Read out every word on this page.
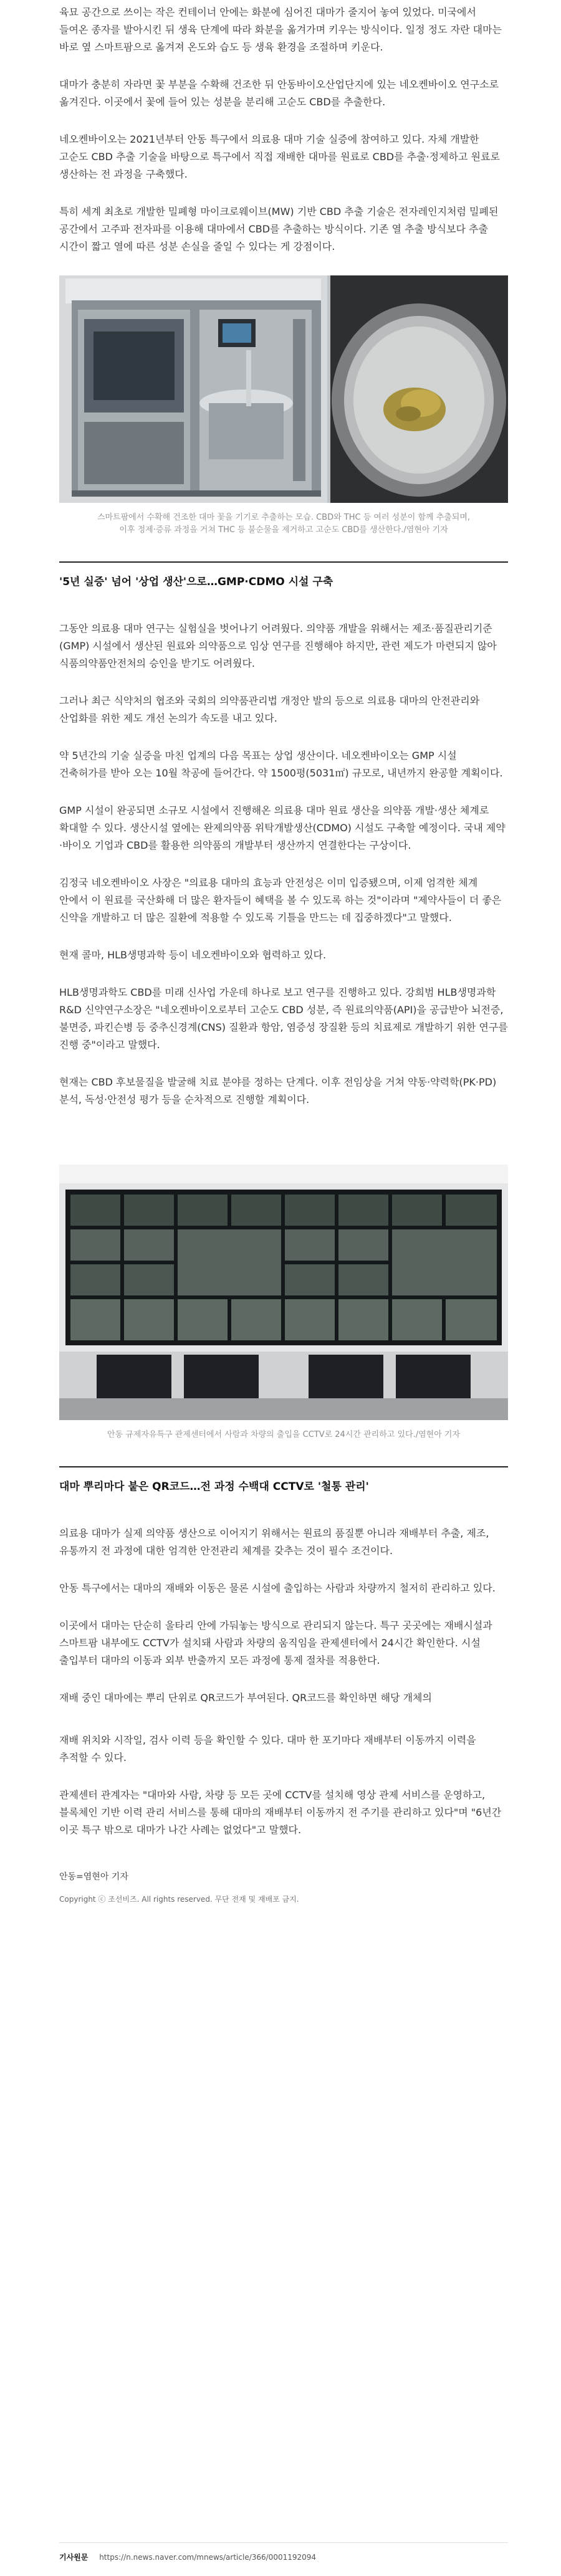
육묘 공간으로 쓰이는 작은 컨테이너 안에는 화분에 심어진 대마가 줄지어 놓여 있었다. 미국에서 들여온 종자를 발아시킨 뒤 생육 단계에 따라 화분을 옮겨가며 키우는 방식이다. 일정 정도 자란 대마는 바로 옆 스마트팜으로 옮겨져 온도와 습도 등 생육 환경을 조절하며 키운다.

대마가 충분히 자라면 꽃 부분을 수확해 건조한 뒤 안동바이오산업단지에 있는 네오켄바이오 연구소로 옮겨진다. 이곳에서 꽃에 들어 있는 성분을 분리해 고순도 CBD를 추출한다.

네오켄바이오는 2021년부터 안동 특구에서 의료용 대마 기술 실증에 참여하고 있다. 자체 개발한 고순도 CBD 추출 기술을 바탕으로 특구에서 직접 재배한 대마를 원료로 CBD를 추출·정제하고 원료로 생산하는 전 과정을 구축했다.

특히 세계 최초로 개발한 밀폐형 마이크로웨이브(MW) 기반 CBD 추출 기술은 전자레인지처럼 밀폐된 공간에서 고주파 전자파를 이용해 대마에서 CBD를 추출하는 방식이다. 기존 열 추출 방식보다 추출 시간이 짧고 열에 따른 성분 손실을 줄일 수 있다는 게 강점이다.

스마트팜에서 수확해 건조한 대마 꽃을 기기로 추출하는 모습. CBD와 THC 등 여러 성분이 함께 추출되며, 이후 정제·증류 과정을 거쳐 THC 등 불순물을 제거하고 고순도 CBD를 생산한다./염현아 기자
'5년 실증' 넘어 '상업 생산'으로…GMP·CDMO 시설 구축

그동안 의료용 대마 연구는 실험실을 벗어나기 어려웠다. 의약품 개발을 위해서는 제조·품질관리기준(GMP) 시설에서 생산된 원료와 의약품으로 임상 연구를 진행해야 하지만, 관련 제도가 마련되지 않아 식품의약품안전처의 승인을 받기도 어려웠다.

그러나 최근 식약처의 협조와 국회의 의약품관리법 개정안 발의 등으로 의료용 대마의 안전관리와 산업화를 위한 제도 개선 논의가 속도를 내고 있다.

약 5년간의 기술 실증을 마친 업계의 다음 목표는 상업 생산이다. 네오켄바이오는 GMP 시설 건축허가를 받아 오는 10월 착공에 들어간다. 약 1500평(5031㎡) 규모로, 내년까지 완공할 계획이다.

GMP 시설이 완공되면 소규모 시설에서 진행해온 의료용 대마 원료 생산을 의약품 개발·생산 체계로 확대할 수 있다. 생산시설 옆에는 완제의약품 위탁개발생산(CDMO) 시설도 구축할 예정이다. 국내 제약·바이오 기업과 CBD를 활용한 의약품의 개발부터 생산까지 연결한다는 구상이다.

김정국 네오켄바이오 사장은 "의료용 대마의 효능과 안전성은 이미 입증됐으며, 이제 엄격한 체계 안에서 이 원료를 국산화해 더 많은 환자들이 혜택을 볼 수 있도록 하는 것"이라며 "제약사들이 더 좋은 신약을 개발하고 더 많은 질환에 적용할 수 있도록 기틀을 만드는 데 집중하겠다"고 말했다.

현재 콜마, HLB생명과학 등이 네오켄바이오와 협력하고 있다.

HLB생명과학도 CBD를 미래 신사업 가운데 하나로 보고 연구를 진행하고 있다. 강희범 HLB생명과학 R&D 신약연구소장은 "네오켄바이오로부터 고순도 CBD 성분, 즉 원료의약품(API)을 공급받아 뇌전증, 불면증, 파킨슨병 등 중추신경계(CNS) 질환과 항암, 염증성 장질환 등의 치료제로 개발하기 위한 연구를 진행 중"이라고 말했다.

현재는 CBD 후보물질을 발굴해 치료 분야를 정하는 단계다. 이후 전임상을 거쳐 약동·약력학(PK·PD) 분석, 독성·안전성 평가 등을 순차적으로 진행할 계획이다.

안동 규제자유특구 관제센터에서 사람과 차량의 출입을 CCTV로 24시간 관리하고 있다./염현아 기자
대마 뿌리마다 붙은 QR코드…전 과정 수백대 CCTV로 '철통 관리'

의료용 대마가 실제 의약품 생산으로 이어지기 위해서는 원료의 품질뿐 아니라 재배부터 추출, 제조, 유통까지 전 과정에 대한 엄격한 안전관리 체계를 갖추는 것이 필수 조건이다.

안동 특구에서는 대마의 재배와 이동은 물론 시설에 출입하는 사람과 차량까지 철저히 관리하고 있다.

이곳에서 대마는 단순히 울타리 안에 가둬놓는 방식으로 관리되지 않는다. 특구 곳곳에는 재배시설과 스마트팜 내부에도 CCTV가 설치돼 사람과 차량의 움직임을 관제센터에서 24시간 확인한다. 시설 출입부터 대마의 이동과 외부 반출까지 모든 과정에 통제 절차를 적용한다.

재배 중인 대마에는 뿌리 단위로 QR코드가 부여된다. QR코드를 확인하면 해당 개체의

재배 위치와 시작일, 검사 이력 등을 확인할 수 있다. 대마 한 포기마다 재배부터 이동까지 이력을 추적할 수 있다.

관제센터 관계자는 "대마와 사람, 차량 등 모든 곳에 CCTV를 설치해 영상 관제 서비스를 운영하고, 블록체인 기반 이력 관리 서비스를 통해 대마의 재배부터 이동까지 전 주기를 관리하고 있다"며 "6년간 이곳 특구 밖으로 대마가 나간 사례는 없었다"고 말했다.

안동=염현아 기자
Copyright ⓒ 조선비즈. All rights reserved. 무단 전재 및 재배포 금지.
기사원문 https://n.news.naver.com/mnews/article/366/0001192094
